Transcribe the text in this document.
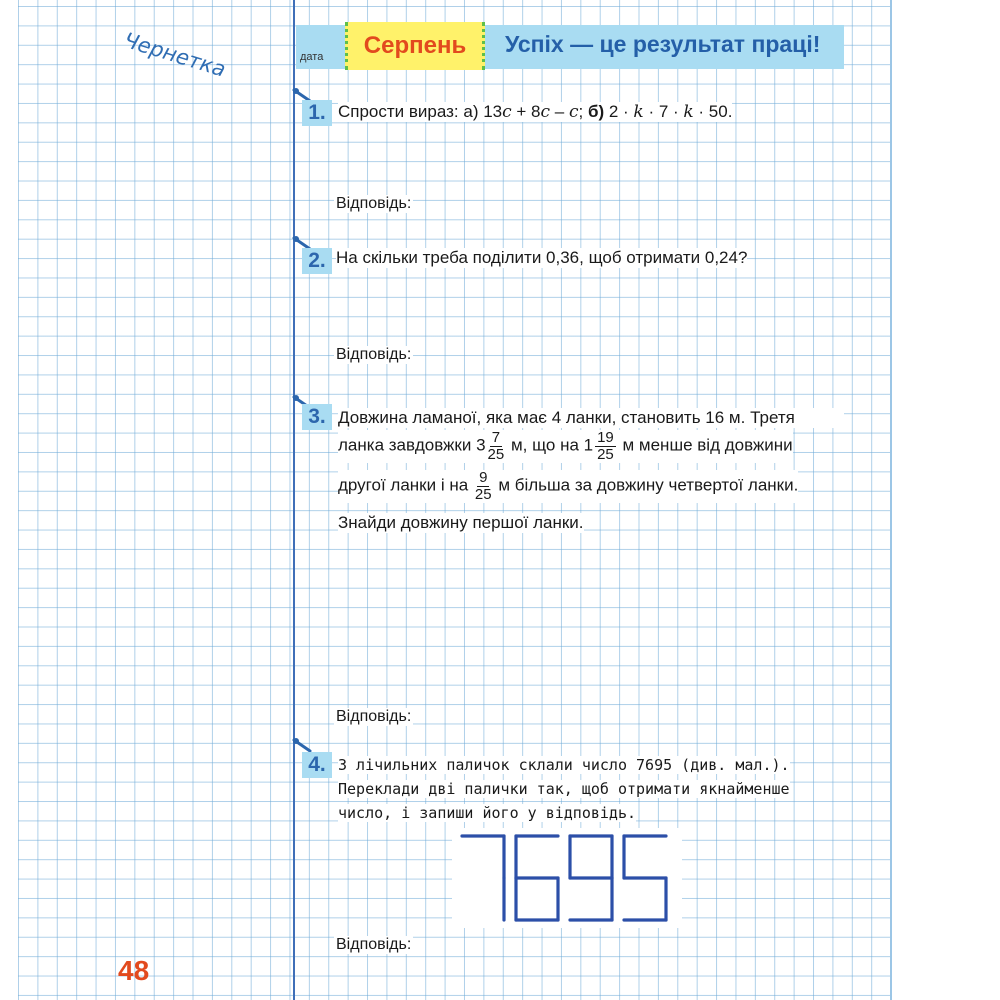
Чернетка
48
дата Серпень Успіх — це результат праці!
1. Спрости вираз: а) 13c + 8c – c; б) 2 · k · 7 · k · 50.
Відповідь:
2. На скільки треба поділити 0,36, щоб отримати 0,24?
Відповідь:
3. Довжина ламаної, яка має 4 ланки, становить 16 м. Третя
ланка завдовжки $3 \frac{7}{25} м$, що на $1 \frac{19}{25}$ м менше від довжини
другої ланки і на $\frac{9}{25}$ м більша за довжину четвертої ланки.
Знайди довжину першої ланки.
Відповідь:
4. З лічильних паличок склали число 7695 (див. мал.).
Переклади дві палички так, щоб отримати якнайменше
число, і запиши його у відповідь.
Відповідь:
